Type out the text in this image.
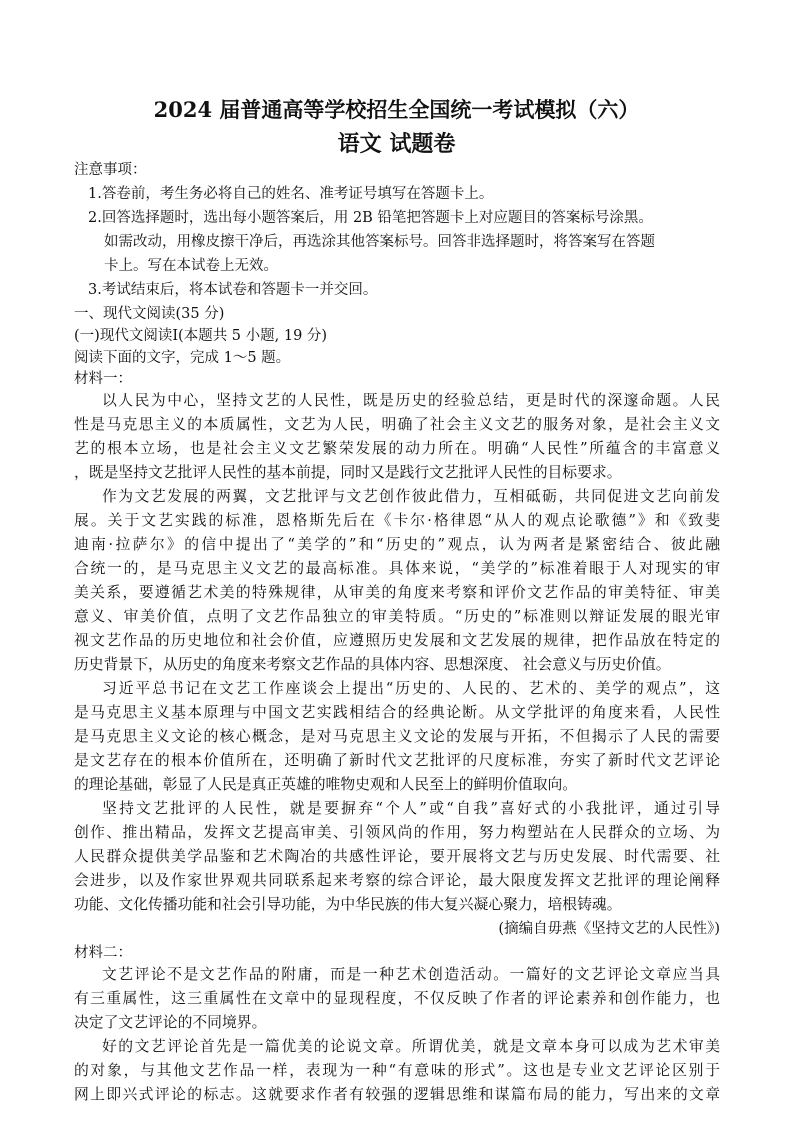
2024 届普通高等学校招生全国统一考试模拟（六）
语文 试题卷

注意事项：

1.答卷前，考生务必将自己的姓名、准考证号填写在答题卡上。
2.回答选择题时，选出每小题答案后，用 2B 铅笔把答题卡上对应题目的答案标号涂黑。
如需改动，用橡皮擦干净后，再选涂其他答案标号。回答非选择题时，将答案写在答题
卡上。写在本试卷上无效。
3.考试结束后，将本试卷和答题卡一并交回。

一、现代文阅读(35 分)

(一)现代文阅读Ⅰ(本题共 5 小题, 19 分)

阅读下面的文字，完成 1～5 题。

材料一：

以人民为中心，坚持文艺的人民性，既是历史的经验总结，更是时代的深邃命题。人民
性是马克思主义的本质属性，文艺为人民，明确了社会主义文艺的服务对象，是社会主义文
艺的根本立场，也是社会主义文艺繁荣发展的动力所在。明确“人民性”所蕴含的丰富意义
，既是坚持文艺批评人民性的基本前提，同时又是践行文艺批评人民性的目标要求。
作为文艺发展的两翼，文艺批评与文艺创作彼此借力，互相砥砺，共同促进文艺向前发
展。关于文艺实践的标准，恩格斯先后在《卡尔·格律恩“从人的观点论歌德”》和《致斐
迪南·拉萨尔》的信中提出了“美学的”和“历史的”观点，认为两者是紧密结合、彼此融
合统一的，是马克思主义文艺的最高标准。具体来说，“美学的”标准着眼于人对现实的审
美关系，要遵循艺术美的特殊规律，从审美的角度来考察和评价文艺作品的审美特征、审美
意义、审美价值，点明了文艺作品独立的审美特质。“历史的”标准则以辩证发展的眼光审
视文艺作品的历史地位和社会价值，应遵照历史发展和文艺发展的规律，把作品放在特定的
历史背景下，从历史的角度来考察文艺作品的具体内容、思想深度、 社会意义与历史价值。
习近平总书记在文艺工作座谈会上提出“历史的、人民的、艺术的、美学的观点”，这
是马克思主义基本原理与中国文艺实践相结合的经典论断。从文学批评的角度来看，人民性
是马克思主义文论的核心概念，是对马克思主义文论的发展与开拓，不但揭示了人民的需要
是文艺存在的根本价值所在，还明确了新时代文艺批评的尺度标准，夯实了新时代文艺评论
的理论基础，彰显了人民是真正英雄的唯物史观和人民至上的鲜明价值取向。
坚持文艺批评的人民性，就是要摒弃“个人”或“自我”喜好式的小我批评，通过引导
创作、推出精品，发挥文艺提高审美、引领风尚的作用，努力构塑站在人民群众的立场、为
人民群众提供美学品鉴和艺术陶冶的共感性评论，要开展将文艺与历史发展、时代需要、社
会进步，以及作家世界观共同联系起来考察的综合评论，最大限度发挥文艺批评的理论阐释
功能、文化传播功能和社会引导功能，为中华民族的伟大复兴凝心聚力，培根铸魂。

(摘编自毋燕《坚持文艺的人民性》)

材料二：

文艺评论不是文艺作品的附庸，而是一种艺术创造活动。一篇好的文艺评论文章应当具
有三重属性，这三重属性在文章中的显现程度，不仅反映了作者的评论素养和创作能力，也
决定了文艺评论的不同境界。
好的文艺评论首先是一篇优美的论说文章。所谓优美，就是文章本身可以成为艺术审美
的对象，与其他文艺作品一样，表现为一种“有意味的形式”。这也是专业文艺评论区别于
网上即兴式评论的标志。这就要求作者有较强的逻辑思维和谋篇布局的能力，写出来的文章
